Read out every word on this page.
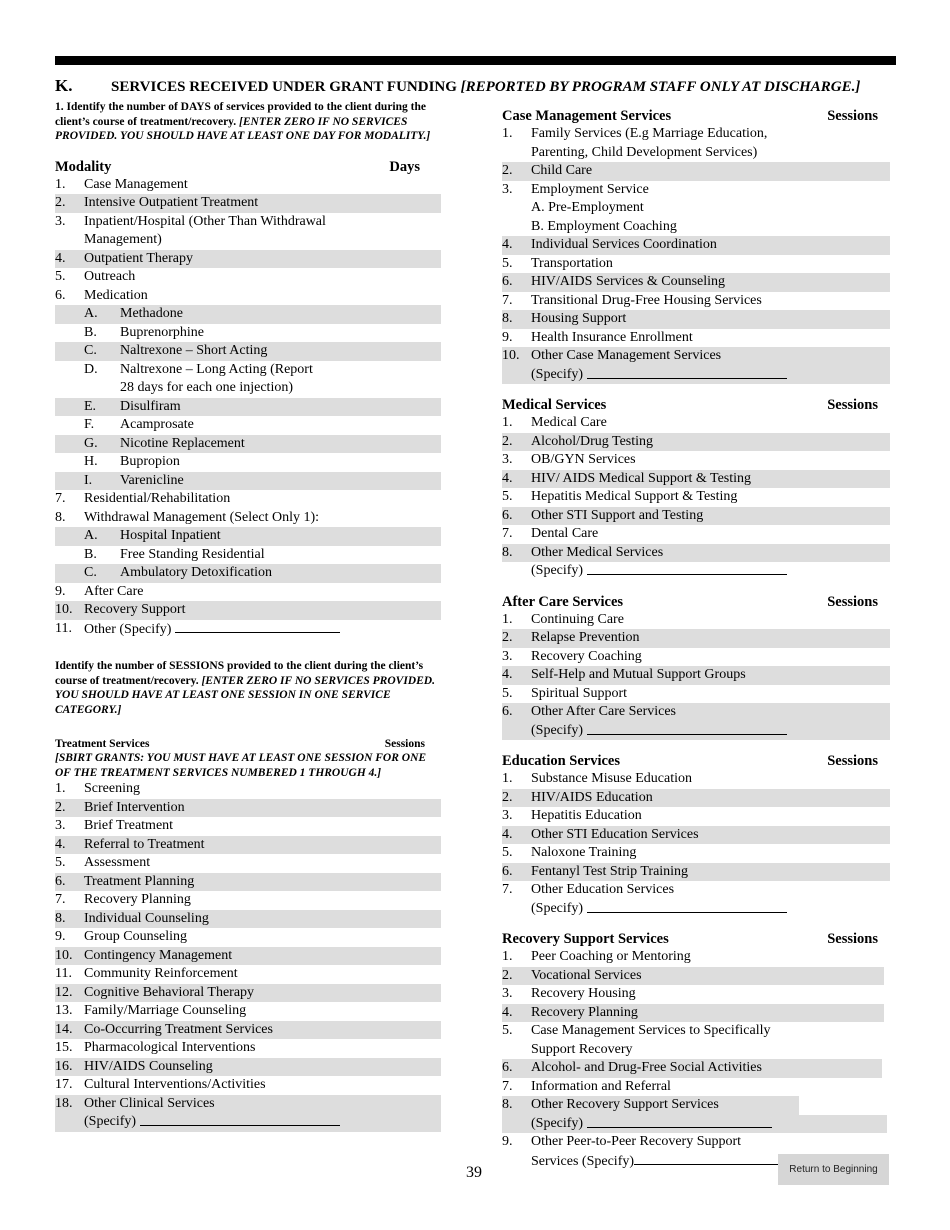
K.	SERVICES RECEIVED UNDER GRANT FUNDING [REPORTED BY PROGRAM STAFF ONLY AT DISCHARGE.]
1. Identify the number of DAYS of services provided to the client during the client’s course of treatment/recovery. [ENTER ZERO IF NO SERVICES PROVIDED. YOU SHOULD HAVE AT LEAST ONE DAY FOR MODALITY.]
Modality	Days
1.	Case Management
2.	Intensive Outpatient Treatment
3.	Inpatient/Hospital (Other Than Withdrawal
Management)
4.	Outpatient Therapy
5.	Outreach
6.	Medication
A.	Methadone
B.	Buprenorphine
C.	Naltrexone – Short Acting
D.	Naltrexone – Long Acting (Report
28 days for each one injection)
E.	Disulfiram
F.	Acamprosate
G.	Nicotine Replacement
H.	Bupropion
I.	Varenicline
7.	Residential/Rehabilitation
8.	Withdrawal Management (Select Only 1):
A.	Hospital Inpatient
B.	Free Standing Residential
C.	Ambulatory Detoxification
9.	After Care
10. Recovery Support
11. Other (Specify)
Identify the number of SESSIONS provided to the client during the client’s course of treatment/recovery. [ENTER ZERO IF NO SERVICES PROVIDED. YOU SHOULD HAVE AT LEAST ONE SESSION IN ONE SERVICE CATEGORY.]
Treatment Services	Sessions
[SBIRT GRANTS: YOU MUST HAVE AT LEAST ONE SESSION FOR ONE OF THE TREATMENT SERVICES NUMBERED 1 THROUGH 4.]
1.	Screening
2.	Brief Intervention
3.	Brief Treatment
4.	Referral to Treatment
5.	Assessment
6.	Treatment Planning
7.	Recovery Planning
8.	Individual Counseling
9.	Group Counseling
10. Contingency Management
11. Community Reinforcement
12. Cognitive Behavioral Therapy
13. Family/Marriage Counseling
14. Co-Occurring Treatment Services
15. Pharmacological Interventions
16. HIV/AIDS Counseling
17. Cultural Interventions/Activities
18. Other Clinical Services
(Specify)

Case Management Services	Sessions
1.	Family Services (E.g Marriage Education,
Parenting, Child Development Services)
2.	Child Care
3.	Employment Service
A. Pre-Employment
B. Employment Coaching
4.	Individual Services Coordination
5.	Transportation
6.	HIV/AIDS Services & Counseling
7.	Transitional Drug-Free Housing Services
8.	Housing Support
9.	Health Insurance Enrollment
10. Other Case Management Services
(Specify)

Medical Services	Sessions
1.	Medical Care
2.	Alcohol/Drug Testing
3.	OB/GYN Services
4.	HIV/ AIDS Medical Support & Testing
5.	Hepatitis Medical Support & Testing
6.	Other STI Support and Testing
7.	Dental Care
8.	Other Medical Services
(Specify)

After Care Services	Sessions
1.	Continuing Care
2.	Relapse Prevention
3.	Recovery Coaching
4.	Self-Help and Mutual Support Groups
5.	Spiritual Support
6.	Other After Care Services
(Specify)

Education Services	Sessions
1.	Substance Misuse Education
2.	HIV/AIDS Education
3.	Hepatitis Education
4.	Other STI Education Services
5.	Naloxone Training
6.	Fentanyl Test Strip Training
7.	Other Education Services
(Specify)

Recovery Support Services	Sessions
1.	Peer Coaching or Mentoring
2.	Vocational Services
3.	Recovery Housing
4.	Recovery Planning
5.	Case Management Services to Specifically
Support Recovery
6.	Alcohol- and Drug-Free Social Activities
7.	Information and Referral
8.	Other Recovery Support Services
(Specify)

9.	Other Peer-to-Peer Recovery Support
Services (Specify)
39	Return to Beginning
